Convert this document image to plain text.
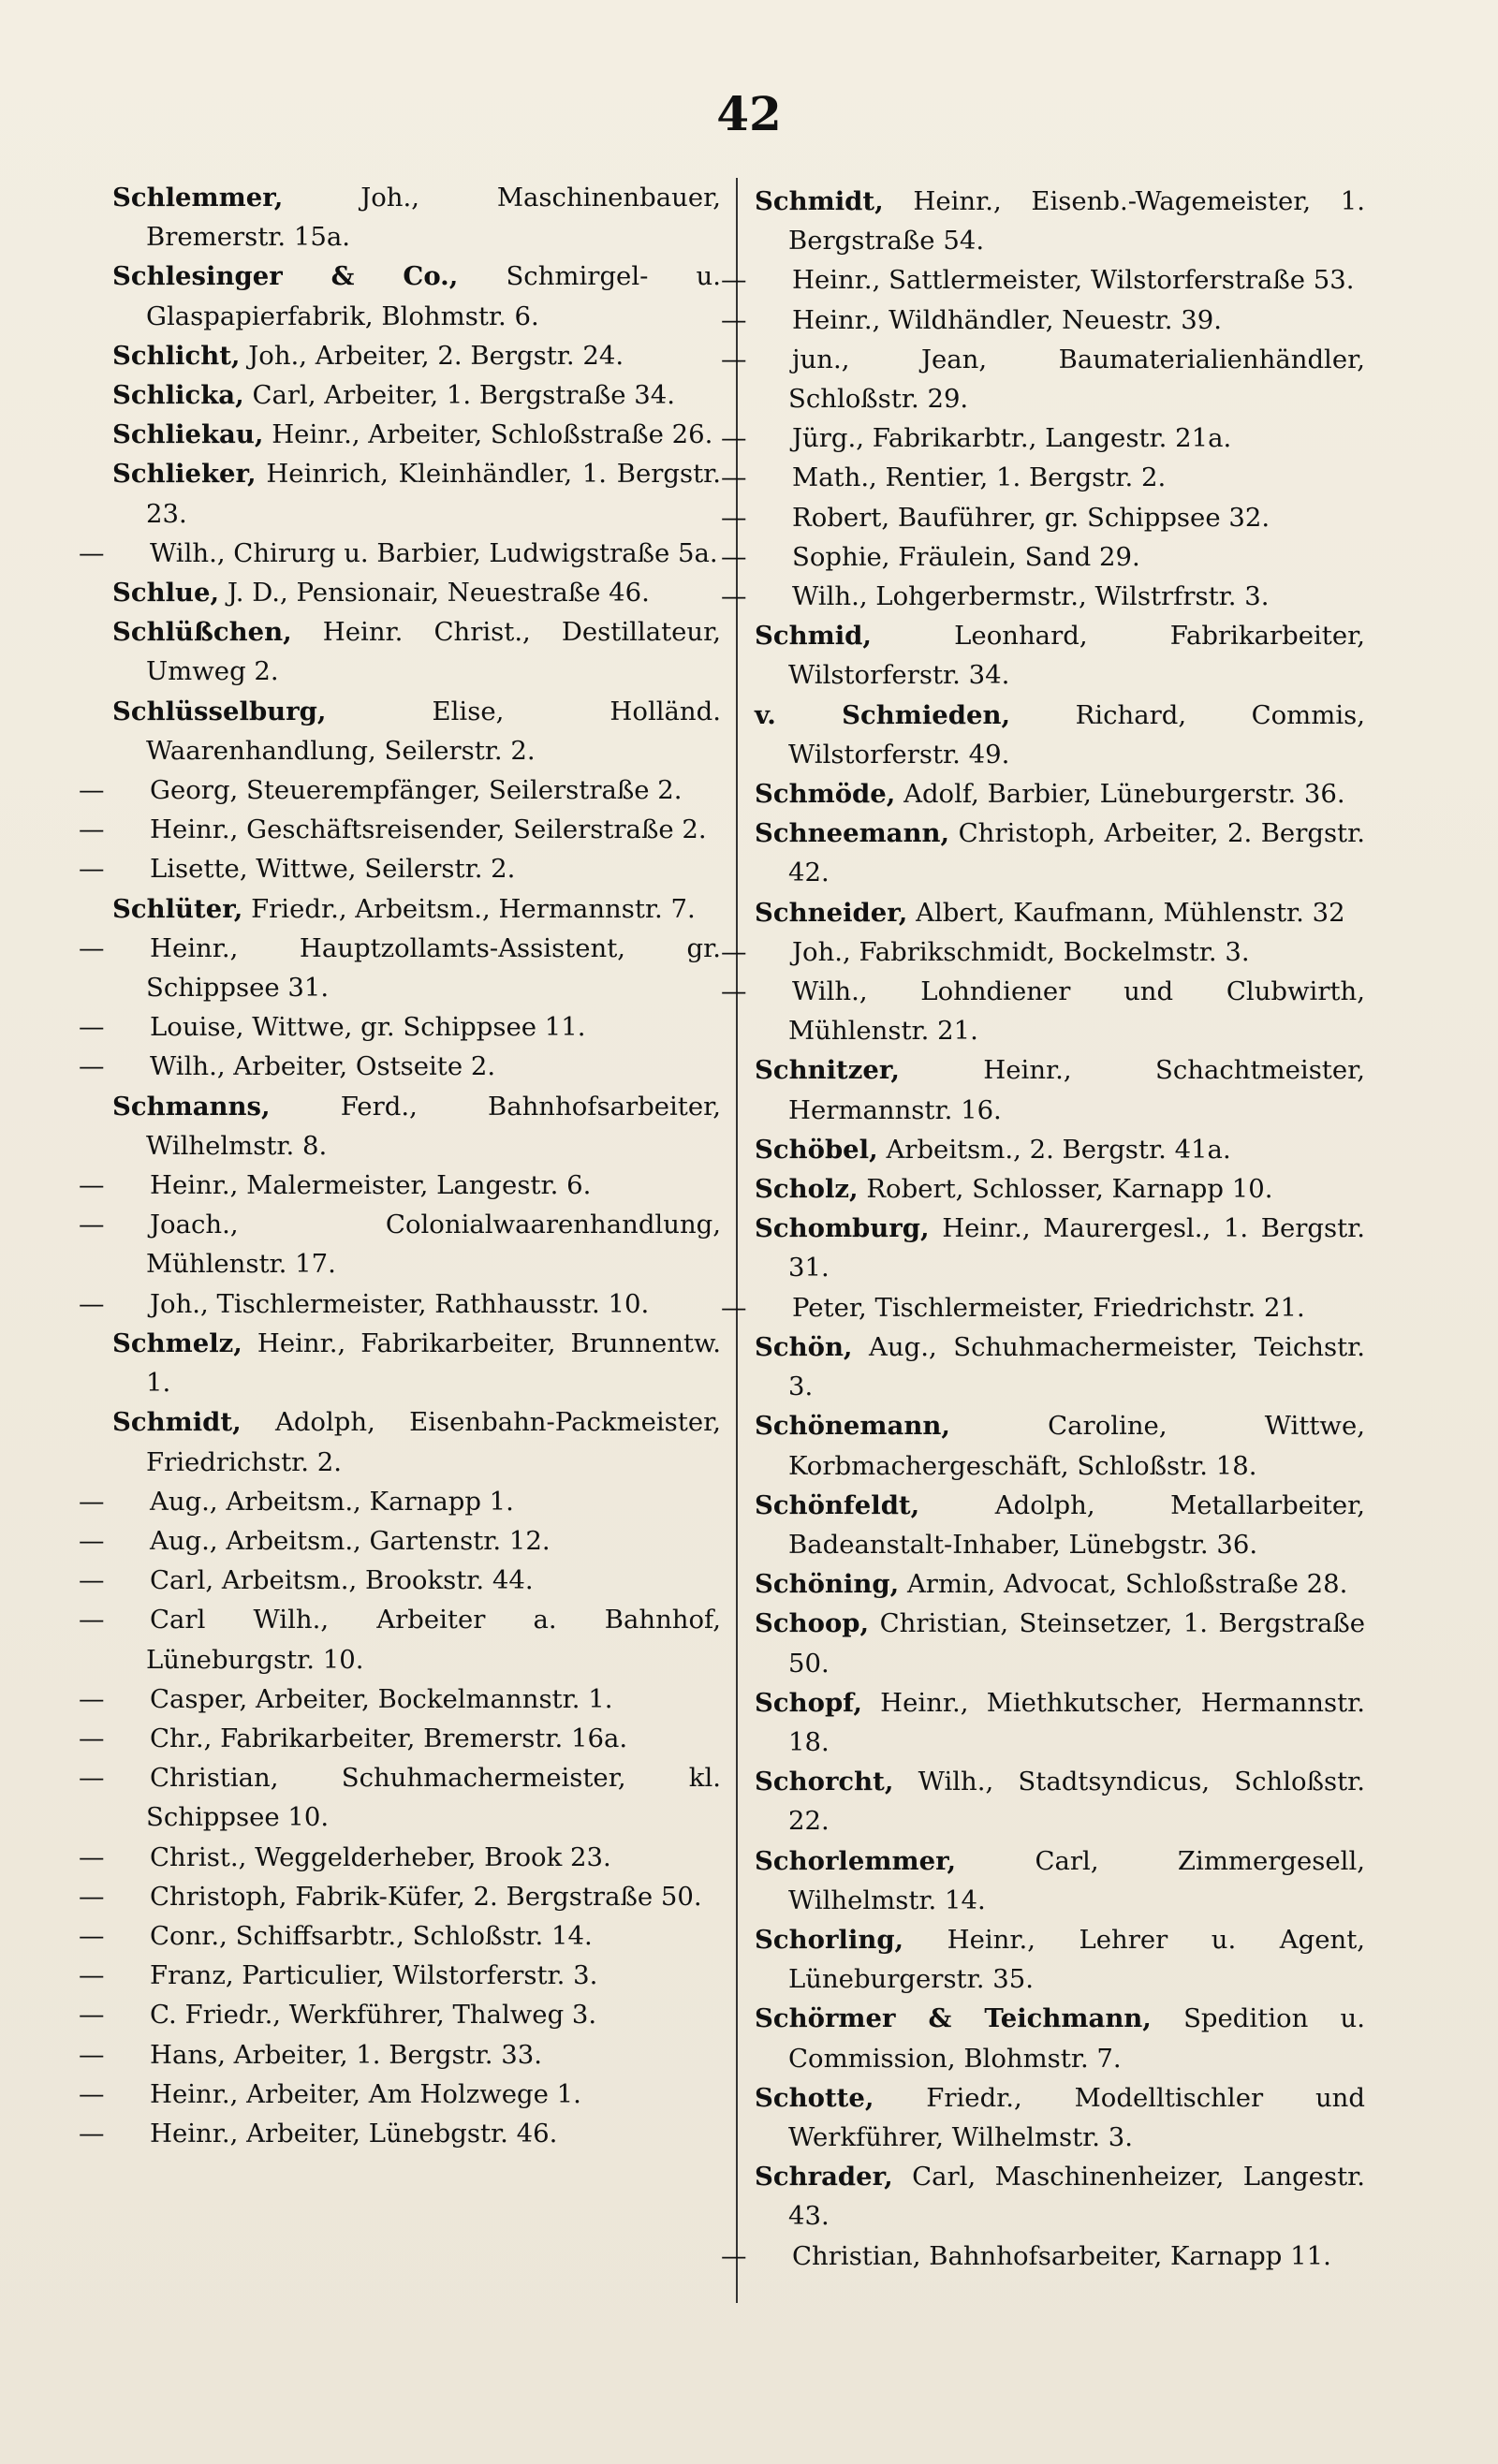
42

Schlemmer,	Joh., Maschinenbauer, Bremerstr. 15a.

Schlesinger & Co., Schmirgel- u. Glaspapierfabrik, Blohmstr. 6.

Schlicht, Joh., Arbeiter, 2. Bergstr. 24.

Schlicka, Carl, Arbeiter, 1. Bergstraße 34.

Schliekau, Heinr., Arbeiter, Schloßstraße 26.

Schlieker, Heinrich, Kleinhändler, 1. Bergstr. 23.

— Wilh., Chirurg u. Barbier, Ludwigstraße 5a.

Schlue, J. D., Pensionair, Neuestraße 46.

Schlüßchen, Heinr. Christ., Destillateur, Umweg 2.

Schlüsselburg,	Elise, Holländ. Waarenhandlung, Seilerstr. 2.

— Georg, Steuerempfänger, Seilerstraße 2.

— Heinr., Geschäftsreisender, Seilerstraße 2.

— Lisette, Wittwe, Seilerstr. 2.

Schlüter, Friedr., Arbeitsm., Hermannstr. 7.

— Heinr., Hauptzollamts-Assistent, gr. Schippsee 31.

— Louise, Wittwe, gr. Schippsee 11.

— Wilh., Arbeiter, Ostseite 2.

Schmanns,	Ferd., Bahnhofsarbeiter, Wilhelmstr. 8.

— Heinr., Malermeister, Langestr. 6.

— Joach., Colonialwaarenhandlung, Mühlenstr. 17.

— Joh., Tischlermeister, Rathhausstr. 10.

Schmelz, Heinr., Fabrikarbeiter, Brunnentw. 1.

Schmidt, Adolph, Eisenbahn-Packmeister, Friedrichstr. 2.

— Aug., Arbeitsm., Karnapp 1.

— Aug., Arbeitsm., Gartenstr. 12.

— Carl, Arbeitsm., Brookstr. 44.

— Carl Wilh., Arbeiter a. Bahnhof, Lüneburgstr. 10.

— Casper, Arbeiter, Bockelmannstr. 1.

— Chr., Fabrikarbeiter, Bremerstr. 16a.

— Christian, Schuhmachermeister, kl. Schippsee 10.

— Christ., Weggelderheber, Brook 23.

— Christoph, Fabrik-Küfer, 2. Bergstraße 50.

— Conr., Schiffsarbtr., Schloßstr. 14.

— Franz, Particulier, Wilstorferstr. 3.

— C. Friedr., Werkführer, Thalweg 3.

— Hans, Arbeiter, 1. Bergstr. 33.

— Heinr., Arbeiter, Am Holzwege 1.

— Heinr., Arbeiter, Lünebgstr. 46.

Schmidt, Heinr., Eisenb.-Wagemeister, 1. Bergstraße 54.

— Heinr., Sattlermeister, Wilstorferstraße 53.

— Heinr., Wildhändler, Neuestr. 39.

— jun., Jean, Baumaterialienhändler, Schloßstr. 29.

— Jürg., Fabrikarbtr., Langestr. 21a.

— Math., Rentier, 1. Bergstr. 2.

— Robert, Bauführer, gr. Schippsee 32.

— Sophie, Fräulein, Sand 29.

— Wilh., Lohgerbermstr., Wilstrfrstr. 3.

Schmid,	Leonhard, Fabrikarbeiter, Wilstorferstr. 34.

v. Schmieden,	Richard, Commis, Wilstorferstr. 49.

Schmöde, Adolf, Barbier, Lüneburgerstr. 36.

Schneemann, Christoph, Arbeiter, 2. Bergstr. 42.

Schneider, Albert, Kaufmann, Mühlenstr. 32

— Joh., Fabrikschmidt, Bockelmstr. 3.

— Wilh., Lohndiener und Clubwirth, Mühlenstr. 21.

Schnitzer,	Heinr., Schachtmeister, Hermannstr. 16.

Schöbel, Arbeitsm., 2. Bergstr. 41a.

Scholz, Robert, Schlosser, Karnapp 10.

Schomburg, Heinr., Maurergesl., 1. Bergstr. 31.

— Peter, Tischlermeister, Friedrichstr. 21.

Schön, Aug., Schuhmachermeister, Teichstr. 3.

Schönemann,	Caroline, Wittwe, Korbmachergeschäft, Schloßstr. 18.

Schönfeldt,	Adolph, Metallarbeiter, Badeanstalt-Inhaber, Lünebgstr. 36.

Schöning, Armin, Advocat, Schloßstraße 28.

Schoop, Christian, Steinsetzer, 1. Bergstraße 50.

Schopf, Heinr., Miethkutscher, Hermannstr. 18.

Schorcht, Wilh., Stadtsyndicus, Schloßstr. 22.

Schorlemmer,	Carl, Zimmergesell, Wilhelmstr. 14.

Schorling, Heinr., Lehrer u. Agent, Lüneburgerstr. 35.

Schörmer & Teichmann, Spedition u. Commission, Blohmstr. 7.

Schotte, Friedr., Modelltischler und Werkführer, Wilhelmstr. 3.

Schrader, Carl, Maschinenheizer, Langestr. 43.

— Christian, Bahnhofsarbeiter, Karnapp 11.
